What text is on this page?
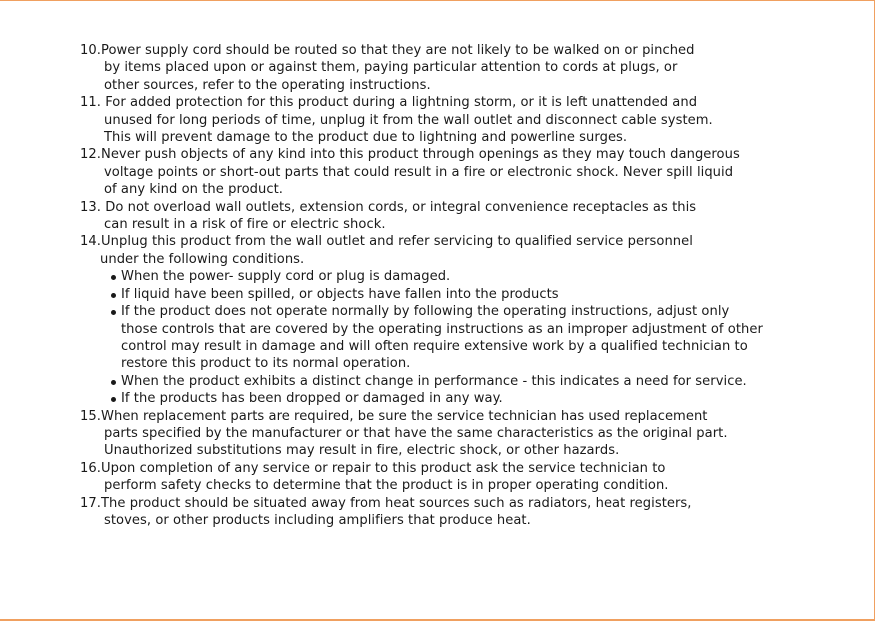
10.Power supply cord should be routed so that they are not likely to be walked on or pinched
by items placed upon or against them, paying particular attention to cords at plugs, or
other sources, refer to the operating instructions.
11. For added protection for this product during a lightning storm, or it is left unattended and
unused for long periods of time, unplug it from the wall outlet and disconnect cable system.
This will prevent damage to the product due to lightning and powerline surges.
12.Never push objects of any kind into this product through openings as they may touch dangerous
voltage points or short-out parts that could result in a fire or electronic shock. Never spill liquid
of any kind on the product.
13. Do not overload wall outlets, extension cords, or integral convenience receptacles as this
can result in a risk of fire or electric shock.
14.Unplug this product from the wall outlet and refer servicing to qualified service personnel
under the following conditions.
When the power- supply cord or plug is damaged.
If liquid have been spilled, or objects have fallen into the products
If the product does not operate normally by following the operating instructions, adjust only
those controls that are covered by the operating instructions as an improper adjustment of other
control may result in damage and will often require extensive work by a qualified technician to
restore this product to its normal operation.
When the product exhibits a distinct change in performance - this indicates a need for service.
If the products has been dropped or damaged in any way.
15.When replacement parts are required, be sure the service technician has used replacement
parts specified by the manufacturer or that have the same characteristics as the original part.
Unauthorized substitutions may result in fire, electric shock, or other hazards.
16.Upon completion of any service or repair to this product ask the service technician to
perform safety checks to determine that the product is in proper operating condition.
17.The product should be situated away from heat sources such as radiators, heat registers,
stoves, or other products including amplifiers that produce heat.
